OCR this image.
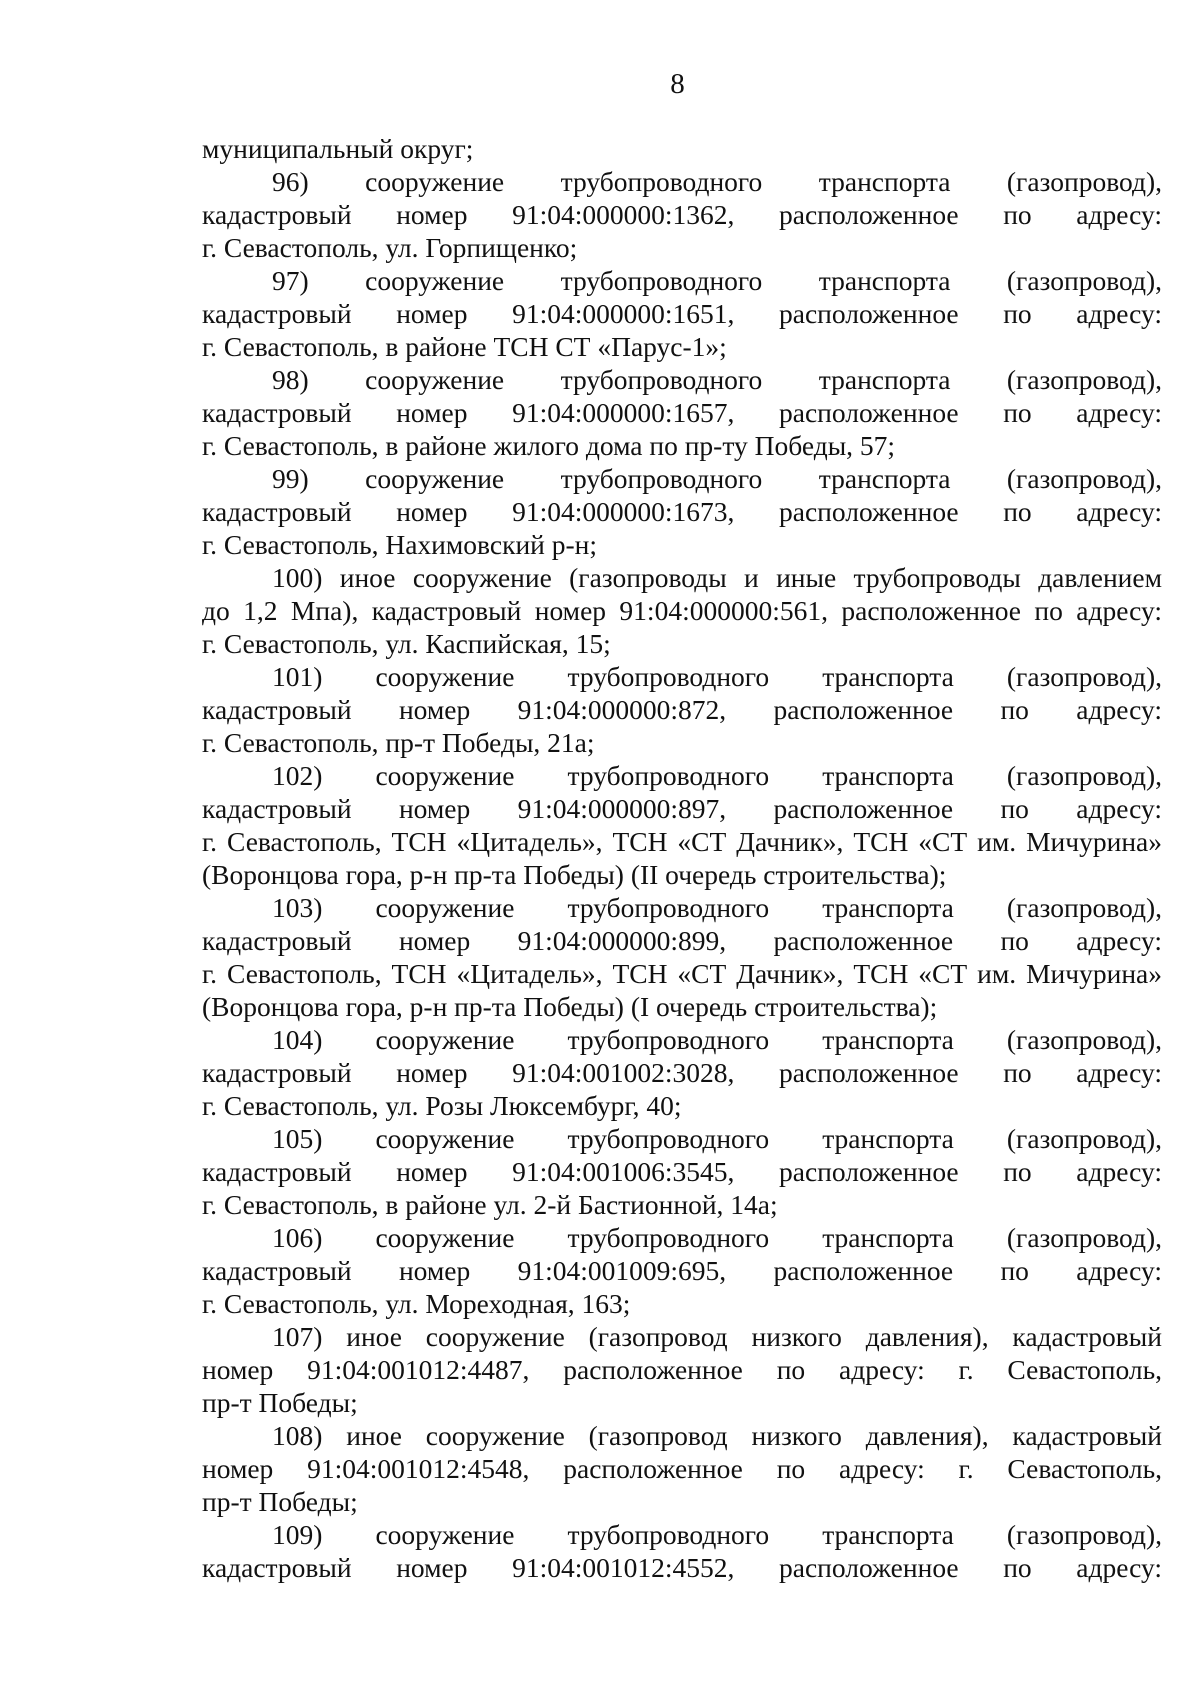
8

муниципальный округ;

96) сооружение трубопроводного транспорта (газопровод),
кадастровый номер 91:04:000000:1362, расположенное по адресу:
г. Севастополь, ул. Горпищенко;
97) сооружение трубопроводного транспорта (газопровод),
кадастровый номер 91:04:000000:1651, расположенное по адресу:
г. Севастополь, в районе ТСН СТ «Парус-1»;
98) сооружение трубопроводного транспорта (газопровод),
кадастровый номер 91:04:000000:1657, расположенное по адресу:
г. Севастополь, в районе жилого дома по пр-ту Победы, 57;
99) сооружение трубопроводного транспорта (газопровод),
кадастровый номер 91:04:000000:1673, расположенное по адресу:
г. Севастополь, Нахимовский р-н;
100) иное сооружение (газопроводы и иные трубопроводы давлением
до 1,2 Мпа), кадастровый номер 91:04:000000:561, расположенное по адресу:
г. Севастополь, ул. Каспийская, 15;
101) сооружение трубопроводного транспорта (газопровод),
кадастровый номер 91:04:000000:872, расположенное по адресу:
г. Севастополь, пр-т Победы, 21а;
102) сооружение трубопроводного транспорта (газопровод),
кадастровый номер 91:04:000000:897, расположенное по адресу:
г. Севастополь, ТСН «Цитадель», ТСН «СТ Дачник», ТСН «СТ им. Мичурина»
(Воронцова гора, р-н пр-та Победы) (II очередь строительства);
103) сооружение трубопроводного транспорта (газопровод),
кадастровый номер 91:04:000000:899, расположенное по адресу:
г. Севастополь, ТСН «Цитадель», ТСН «СТ Дачник», ТСН «СТ им. Мичурина»
(Воронцова гора, р-н пр-та Победы) (I очередь строительства);
104) сооружение трубопроводного транспорта (газопровод),
кадастровый номер 91:04:001002:3028, расположенное по адресу:
г. Севастополь, ул. Розы Люксембург, 40;
105) сооружение трубопроводного транспорта (газопровод),
кадастровый номер 91:04:001006:3545, расположенное по адресу:
г. Севастополь, в районе ул. 2-й Бастионной, 14а;
106) сооружение трубопроводного транспорта (газопровод),
кадастровый номер 91:04:001009:695, расположенное по адресу:
г. Севастополь, ул. Мореходная, 163;
107) иное сооружение (газопровод низкого давления), кадастровый
номер 91:04:001012:4487, расположенное по адресу: г. Севастополь,
пр-т Победы;
108) иное сооружение (газопровод низкого давления), кадастровый
номер 91:04:001012:4548, расположенное по адресу: г. Севастополь,
пр-т Победы;
109) сооружение трубопроводного транспорта (газопровод),
кадастровый номер 91:04:001012:4552, расположенное по адресу:
